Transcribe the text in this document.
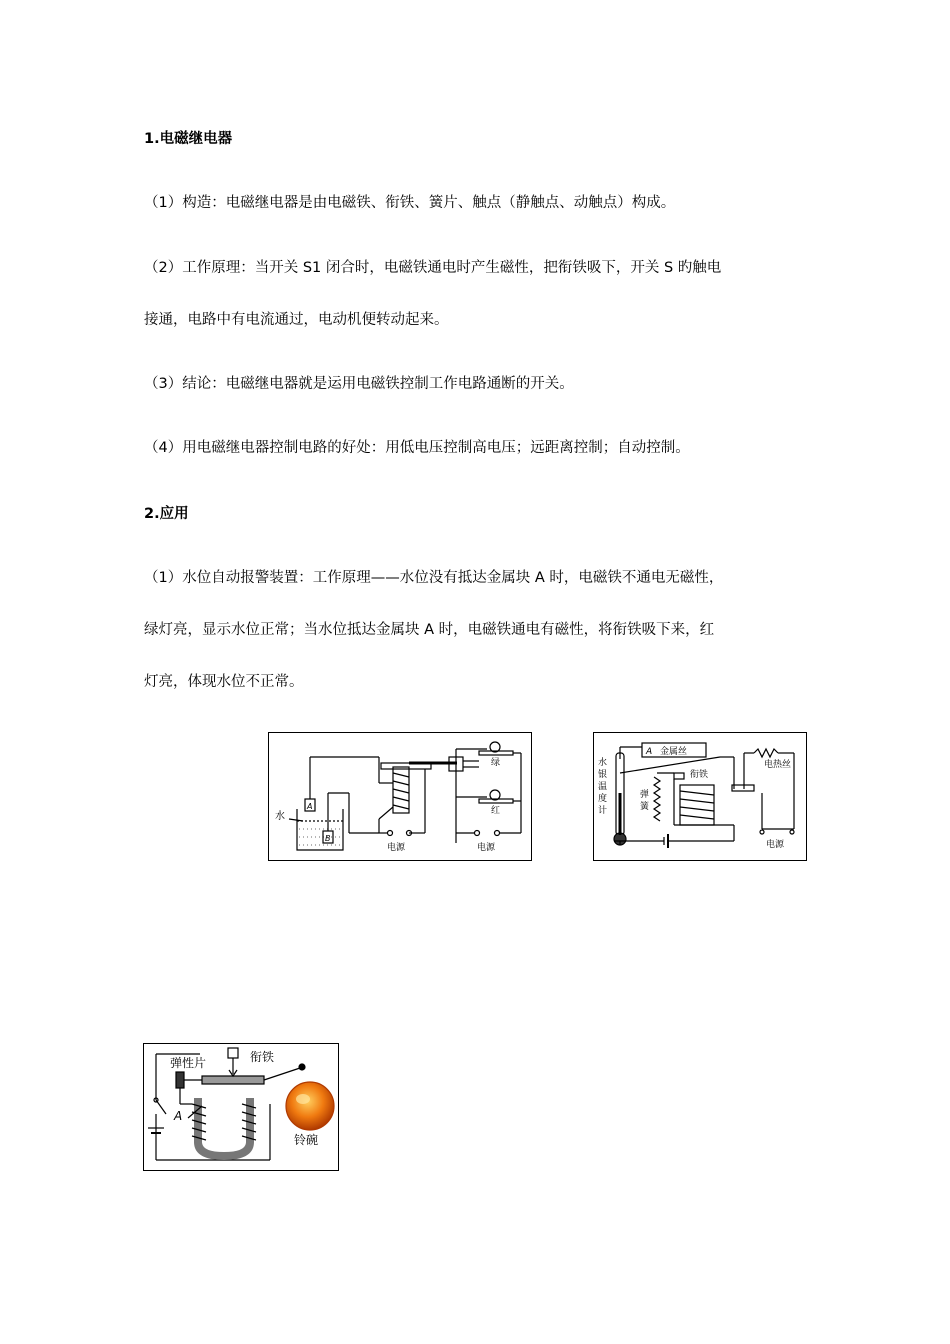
1.电磁继电器
（1）构造：电磁继电器是由电磁铁、衔铁、簧片、触点（静触点、动触点）构成。
（2）工作原理：当开关 S1 闭合时，电磁铁通电时产生磁性，把衔铁吸下，开关 S 旳触电
接通，电路中有电流通过，电动机便转动起来。
（3）结论：电磁继电器就是运用电磁铁控制工作电路通断的开关。
（4）用电磁继电器控制电路的好处：用低电压控制高电压；远距离控制；自动控制。
2.应用
（1）水位自动报警装置：工作原理——水位没有抵达金属块 A 时，电磁铁不通电无磁性，
绿灯亮，显示水位正常；当水位抵达金属块 A 时，电磁铁通电有磁性，将衔铁吸下来，红
灯亮，体现水位不正常。
水
A
B
绿
红
电源	电源
A 金属丝
水
银
温
度
计
弹
簧
衔铁
电热丝
电源
弹性片	衔铁
A
铃碗
